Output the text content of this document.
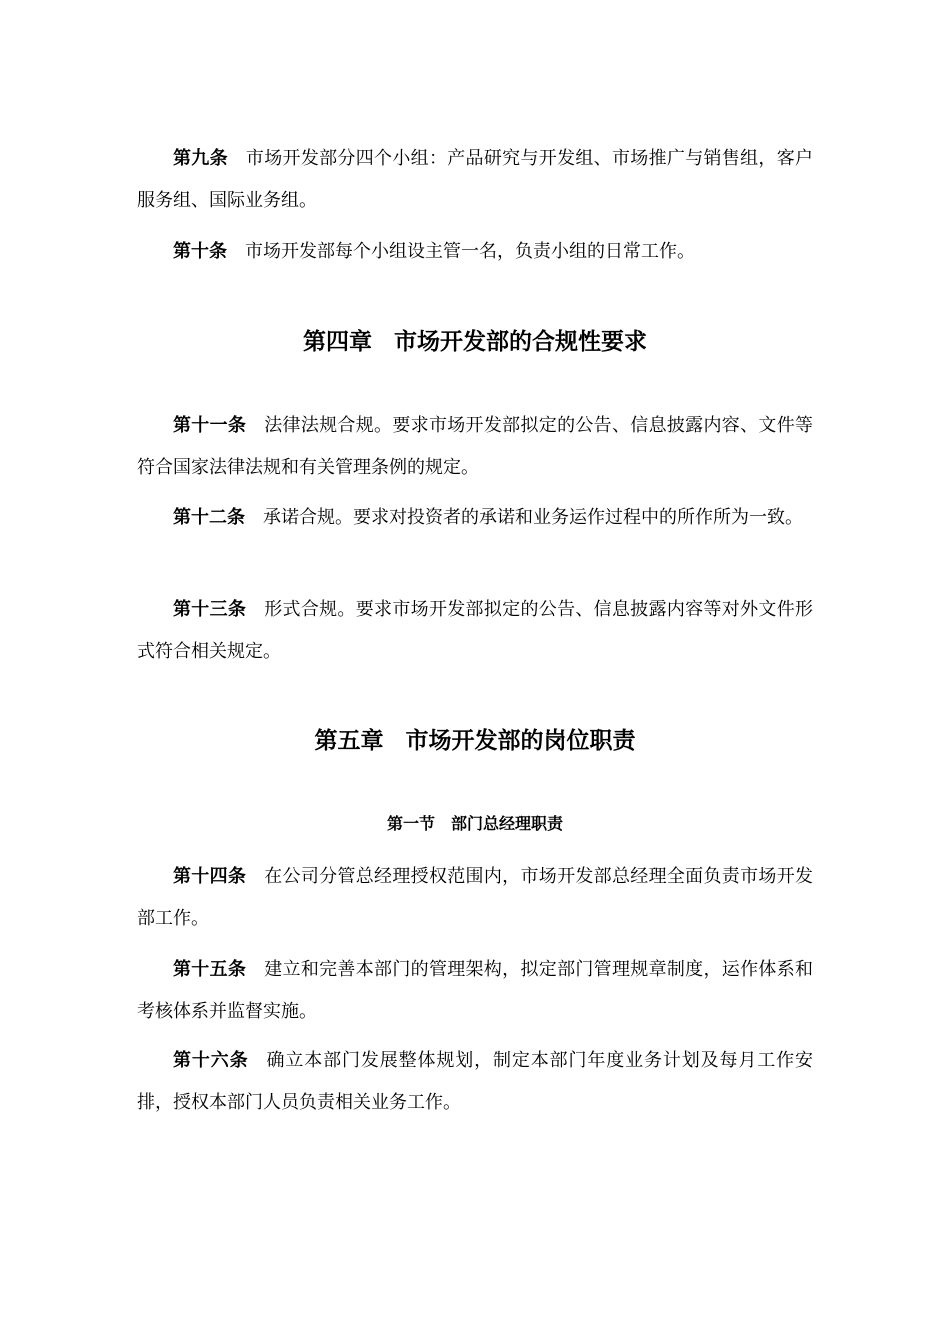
第九条 市场开发部分四个小组：产品研究与开发组、市场推广与销售组，客户服务组、国际业务组。

第十条 市场开发部每个小组设主管一名，负责小组的日常工作。

第四章 市场开发部的合规性要求

第十一条 法律法规合规。要求市场开发部拟定的公告、信息披露内容、文件等符合国家法律法规和有关管理条例的规定。

第十二条 承诺合规。要求对投资者的承诺和业务运作过程中的所作所为一致。

第十三条 形式合规。要求市场开发部拟定的公告、信息披露内容等对外文件形式符合相关规定。

第五章 市场开发部的岗位职责
第一节 部门总经理职责

第十四条 在公司分管总经理授权范围内，市场开发部总经理全面负责市场开发部工作。

第十五条 建立和完善本部门的管理架构，拟定部门管理规章制度，运作体系和考核体系并监督实施。

第十六条 确立本部门发展整体规划，制定本部门年度业务计划及每月工作安排，授权本部门人员负责相关业务工作。
